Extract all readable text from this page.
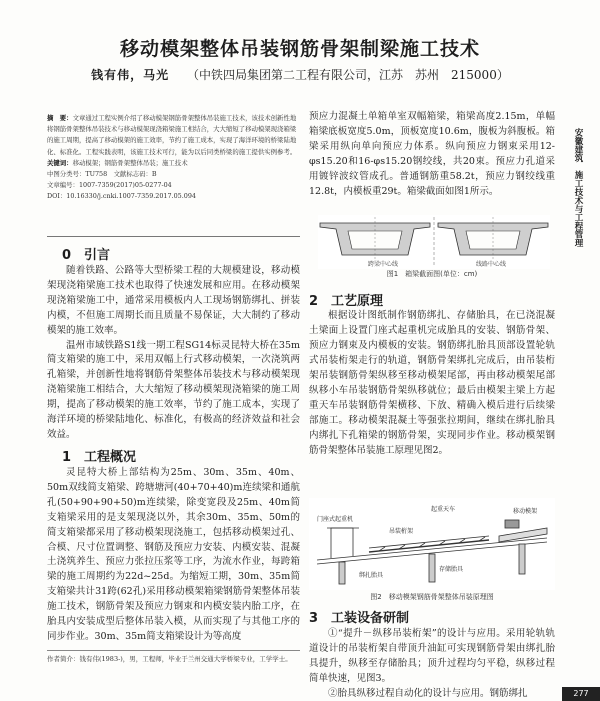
移动模架整体吊装钢筋骨架制梁施工技术
钱有伟，马光 （中铁四局集团第二工程有限公司，江苏　苏州　215000）

摘　要：文章通过工程实例介绍了移动模架钢筋骨架整体吊装施工技术，该技术创新性地将钢筋骨架整体吊装技术与移动模架现浇箱梁施工相结合，大大缩短了移动模架现浇箱梁的施工周期，提高了移动模架的施工效率，节约了施工成本，实现了海洋环境的桥梁陆地化、标准化。工程实践表明，该施工技术可行，能为以后同类桥梁的施工提供实例参考。

关键词：移动模架；钢筋骨架整体吊装；施工技术

中图分类号：TU758　文献标志码：B

文章编号：1007-7359(2017)05-0277-04

DOI：10.16330/j.cnki.1007-7359.2017.05.094

0　引言

随着铁路、公路等大型桥梁工程的大规模建设，移动模架现浇箱梁施工技术也取得了快速发展和应用。在移动模架现浇箱梁施工中，通常采用模板内人工现场钢筋绑扎、拼装内模，不但施工周期长而且质量不易保证，大大制约了移动模架的施工效率。

温州市域铁路S1线一期工程SG14标灵昆特大桥在35m简支箱梁的施工中，采用双幅上行式移动模架，一次浇筑两孔箱梁，并创新性地将钢筋骨架整体吊装技术与移动模架现浇箱梁施工相结合，大大缩短了移动模架现浇箱梁的施工周期，提高了移动模架的施工效率，节约了施工成本，实现了海洋环境的桥梁陆地化、标准化，有极高的经济效益和社会效益。

1　工程概况

灵昆特大桥上部结构为25m、30m、35m、40m、50m双线简支箱梁、跨塘塘河(40+70+40)m连续梁和通航孔(50+90+90+50)m连续梁，除变宽段及25m、40m简支箱梁采用的是支架现浇以外，其余30m、35m、50m的简支箱梁都采用了移动模架现浇施工，包括移动模架过孔、合模、尺寸位置调整、钢筋及预应力安装、内模安装、混凝土浇筑养生、预应力张拉压浆等工序，为流水作业，每跨箱梁的施工周期约为22d~25d。为缩短工期，30m、35m简支箱梁共计31跨(62孔)采用移动模架箱梁钢筋骨架整体吊装施工技术，钢筋骨架及预应力钢束和内模安装内胎工序，在胎具内安装成型后整体吊装入模，从而实现了与其他工序的同步作业。30m、35m简支箱梁设计为等高度

作者简介：钱有伟(1983-)，男，工程师，毕业于兰州交通大学桥梁专业，工学学士。

预应力混凝土单箱单室双幅箱梁，箱梁高度2.15m，单幅箱梁底板宽度5.0m，顶板宽度10.6m，腹板为斜腹板。箱梁采用纵向单向预应力体系。纵向预应力钢束采用12-φs15.20和16-φs15.20钢绞线，共20束。预应力孔道采用镀锌波纹管成孔。普通钢筋重58.2t，预应力钢绞线重12.8t，内模板重29t。箱梁截面如图1所示。

跨梁中心线	线路中心线
图1　箱梁截面图(单位：cm)
2　工艺原理

根据设计图纸制作钢筋绑扎、存储胎具，在已浇混凝土梁面上设置门座式起重机完成胎具的安装、钢筋骨架、预应力钢束及内模板的安装。钢筋绑扎胎具顶部设置轮轨式吊装桁架走行的轨道，钢筋骨架绑扎完成后，由吊装桁架吊装钢筋骨架纵移至移动模架尾部，再由移动模架尾部纵移小车吊装钢筋骨架纵移就位；最后由模架主梁上方起重天车吊装钢筋骨架横移、下放、精确入模后进行后续梁部施工。移动模架混凝土等强张拉期间，继续在绑扎胎具内绑扎下孔箱梁的钢筋骨架，实现同步作业。移动模架钢筋骨架整体吊装施工原理见图2。

门座式起重机
起重天车
吊装桁架
移动模架
绑扎胎具
存储胎具
图2　移动模架钢筋骨架整体吊装原理图
3　工装设备研制

①“提升－纵移吊装桁架”的设计与应用。采用轮轨轨道设计的吊装桁架自带顶升油缸可实现钢筋骨架由绑扎胎具提升，纵移至存储胎具；顶升过程均匀平稳，纵移过程简单快速，见图3。

②胎具纵移过程自动化的设计与应用。钢筋绑扎

安徽建筑　施工技术与工程管理
277
